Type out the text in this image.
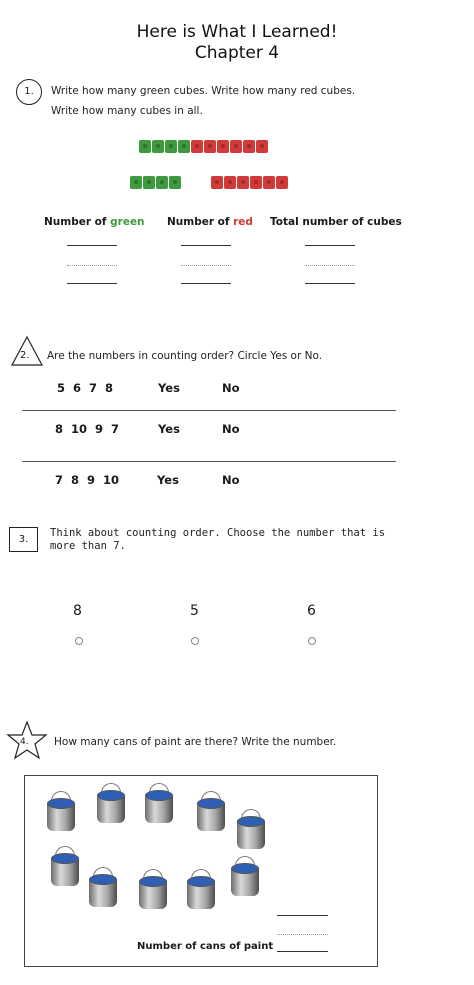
Here is What I Learned!
Chapter 4
1.	Write how many green cubes. Write how many red cubes.
Write how many cubes in all.
Number of green Number of red Total number of cubes
2. Are the numbers in counting order? Circle Yes or No.
5  6  7  8	Yes	No
8  10  9  7	Yes	No
7  8  9  10	Yes	No
3.
Think about counting order. Choose the number that is
more than 7.
8	5	6
4. How many cans of paint are there? Write the number.
Number of cans of paint
